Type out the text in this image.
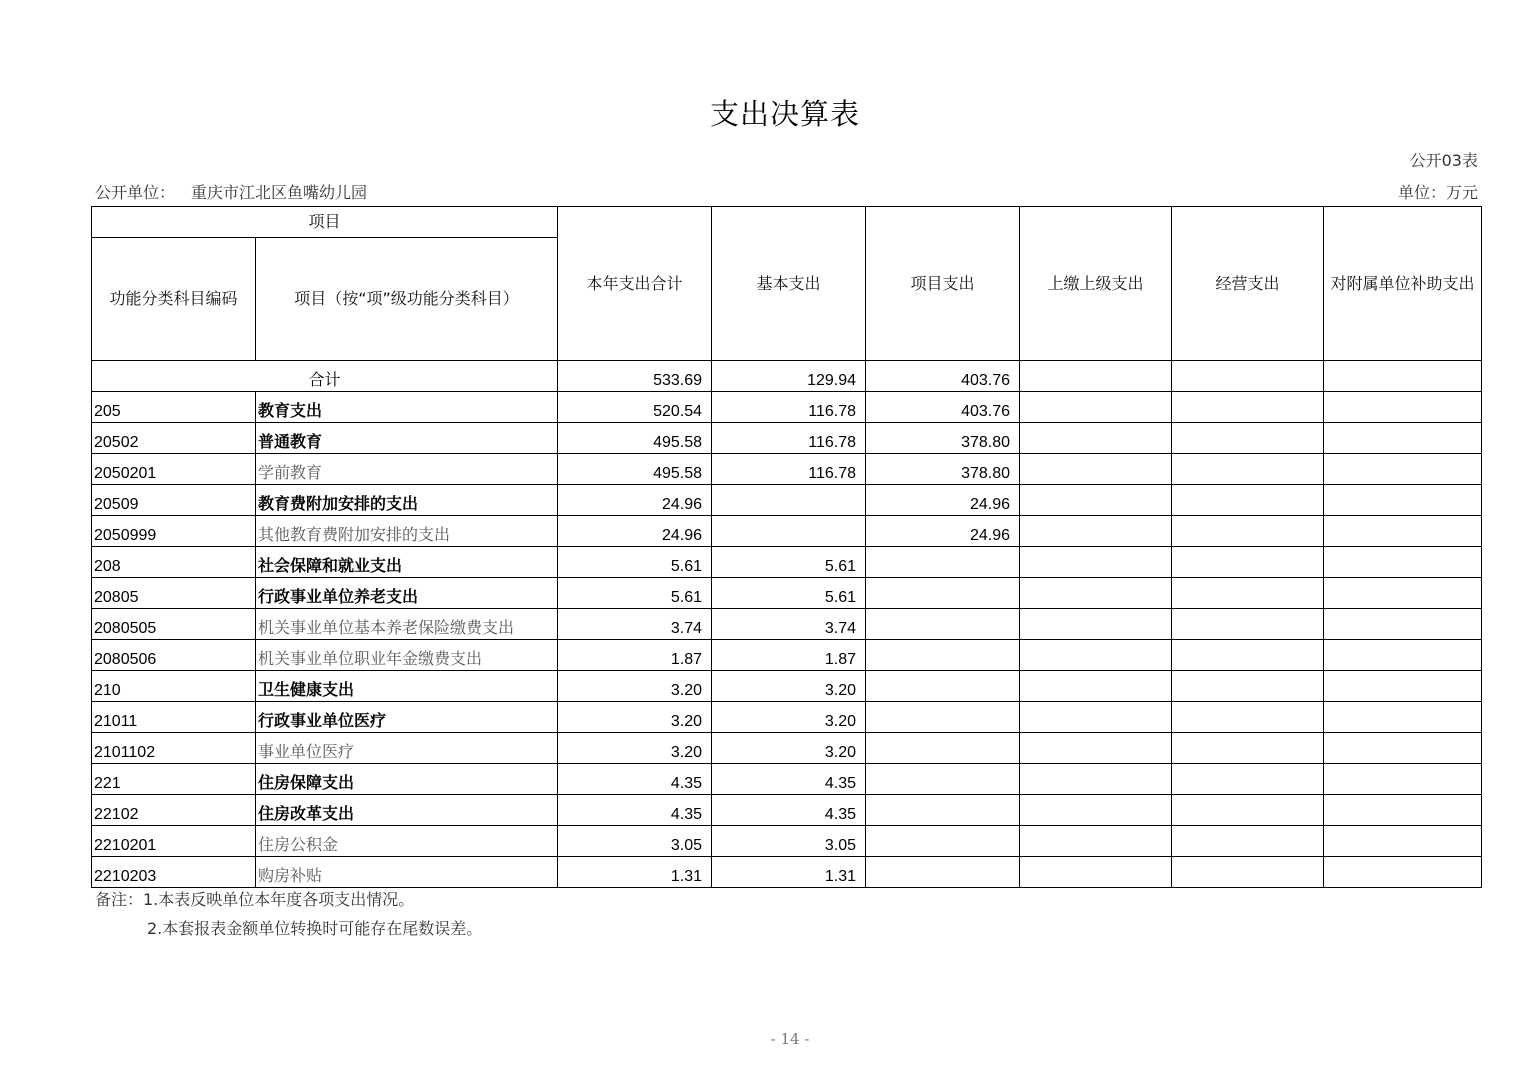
支出决算表
公开03表
公开单位： 重庆市江北区鱼嘴幼儿园	单位：万元
项目		本年支出合计	基本支出	项目支出	上缴上级支出	经营支出	对附属单位补助支出
功能分类科目编码	项目（按“项”级功能分类科目）						
合计		533.69	129.94	403.76			
205	教育支出	520.54	116.78	403.76			
20502	普通教育	495.58	116.78	378.80			
2050201	学前教育	495.58	116.78	378.80			
20509	教育费附加安排的支出	24.96		24.96			
2050999	其他教育费附加安排的支出	24.96		24.96			
208	社会保障和就业支出	5.61	5.61				
20805	行政事业单位养老支出	5.61	5.61				
2080505	机关事业单位基本养老保险缴费支出	3.74	3.74				
2080506	机关事业单位职业年金缴费支出	1.87	1.87				
210	卫生健康支出	3.20	3.20				
21011	行政事业单位医疗	3.20	3.20				
2101102	事业单位医疗	3.20	3.20				
221	住房保障支出	4.35	4.35				
22102	住房改革支出	4.35	4.35				
2210201	住房公积金	3.05	3.05				
2210203	购房补贴	1.31	1.31				
备注：1.本表反映单位本年度各项支出情况。
2.本套报表金额单位转换时可能存在尾数误差。
- 14 -
